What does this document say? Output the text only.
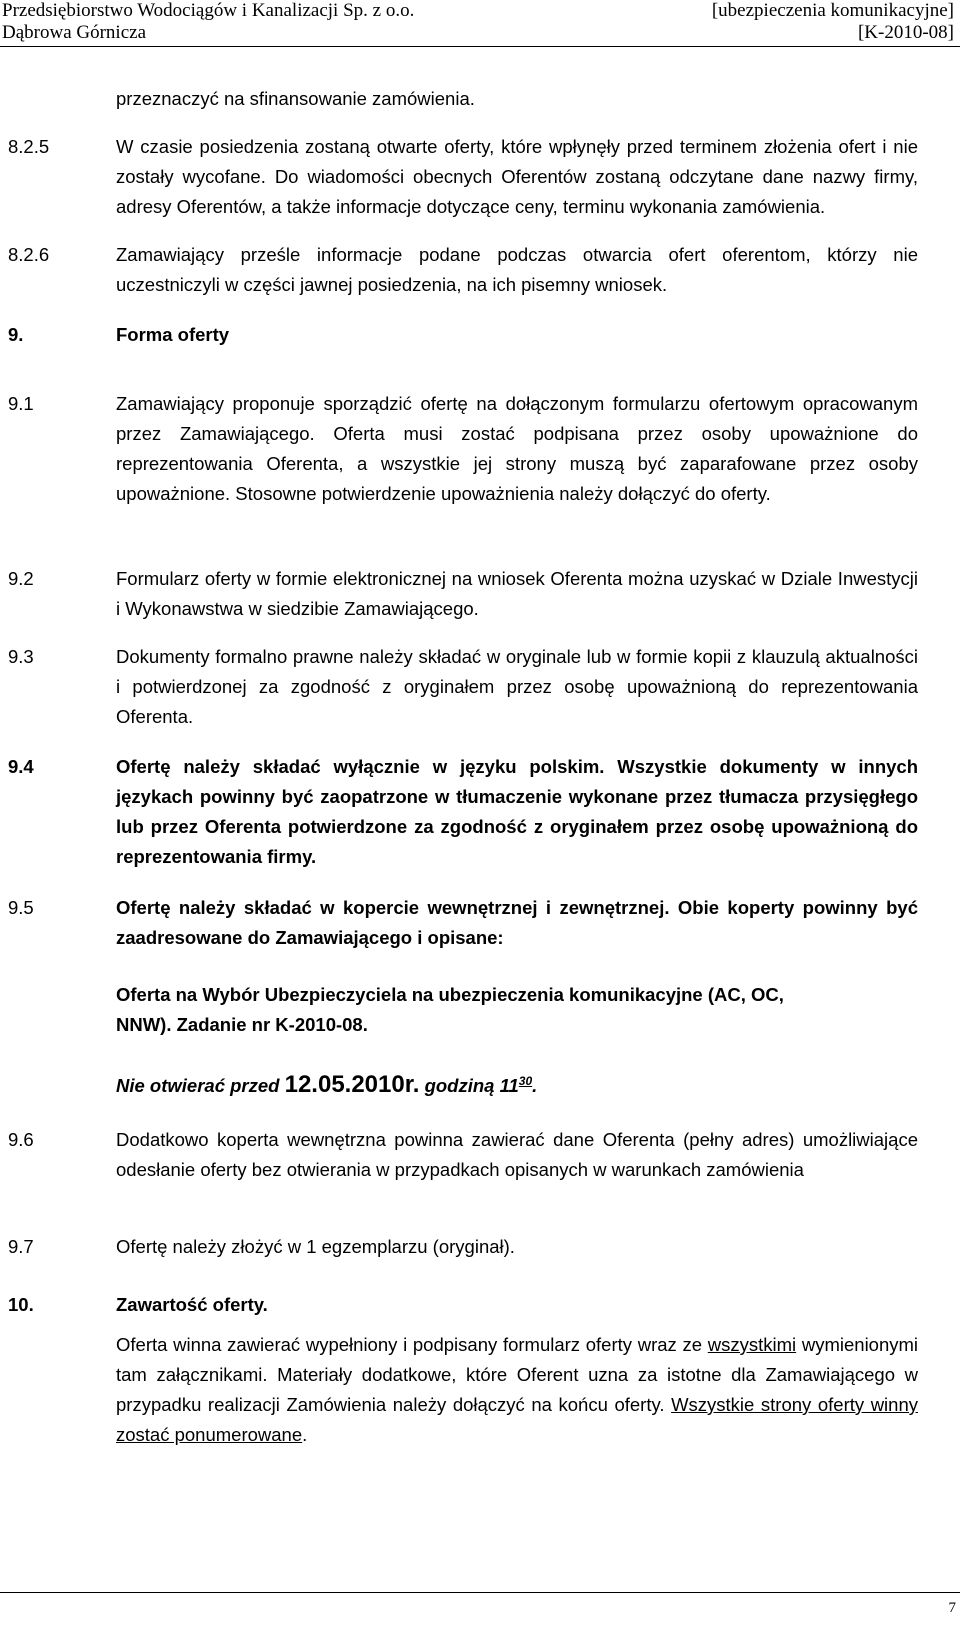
Przedsiębiorstwo Wodociągów i Kanalizacji Sp. z o.o.
Dąbrowa Górnicza
[ubezpieczenia komunikacyjne]
[K-2010-08]
przeznaczyć na sfinansowanie zamówienia.
8.2.5	W czasie posiedzenia zostaną otwarte oferty, które wpłynęły przed terminem złożenia ofert i nie zostały wycofane. Do wiadomości obecnych Oferentów zostaną odczytane dane nazwy firmy, adresy Oferentów, a także informacje dotyczące ceny, terminu wykonania zamówienia.
8.2.6	Zamawiający prześle informacje podane podczas otwarcia ofert oferentom, którzy nie uczestniczyli w części jawnej posiedzenia, na ich pisemny wniosek.
9.	Forma oferty
9.1	Zamawiający proponuje sporządzić ofertę na dołączonym formularzu ofertowym opracowanym przez Zamawiającego. Oferta musi zostać podpisana przez osoby upoważnione do reprezentowania Oferenta, a wszystkie jej strony muszą być zaparafowane przez osoby upoważnione. Stosowne potwierdzenie upoważnienia należy dołączyć do oferty.
9.2	Formularz oferty w formie elektronicznej na wniosek Oferenta można uzyskać w Dziale Inwestycji i Wykonawstwa w siedzibie Zamawiającego.
9.3	Dokumenty formalno prawne należy składać w oryginale lub w formie kopii z klauzulą aktualności i potwierdzonej za zgodność z oryginałem przez osobę upoważnioną do reprezentowania Oferenta.
9.4	Ofertę należy składać wyłącznie w języku polskim. Wszystkie dokumenty w innych językach powinny być zaopatrzone w tłumaczenie wykonane przez tłumacza przysięgłego lub przez Oferenta potwierdzone za zgodność z oryginałem przez osobę upoważnioną do reprezentowania firmy.
9.5	Ofertę należy składać w kopercie wewnętrznej i zewnętrznej. Obie koperty powinny być zaadresowane do Zamawiającego i opisane:
Oferta na Wybór Ubezpieczyciela na ubezpieczenia komunikacyjne (AC, OC, NNW). Zadanie nr K-2010-08.
Nie otwierać przed 12.05.2010r. godziną $11^{30}$.
9.6	Dodatkowo koperta wewnętrzna powinna zawierać dane Oferenta (pełny adres) umożliwiające odesłanie oferty bez otwierania w przypadkach opisanych w warunkach zamówienia
9.7	Ofertę należy złożyć w 1 egzemplarzu (oryginał).
10.	Zawartość oferty.
Oferta winna zawierać wypełniony i podpisany formularz oferty wraz ze wszystkimi wymienionymi tam załącznikami. Materiały dodatkowe, które Oferent uzna za istotne dla Zamawiającego w przypadku realizacji Zamówienia należy dołączyć na końcu oferty. Wszystkie strony oferty winny zostać ponumerowane.
7
